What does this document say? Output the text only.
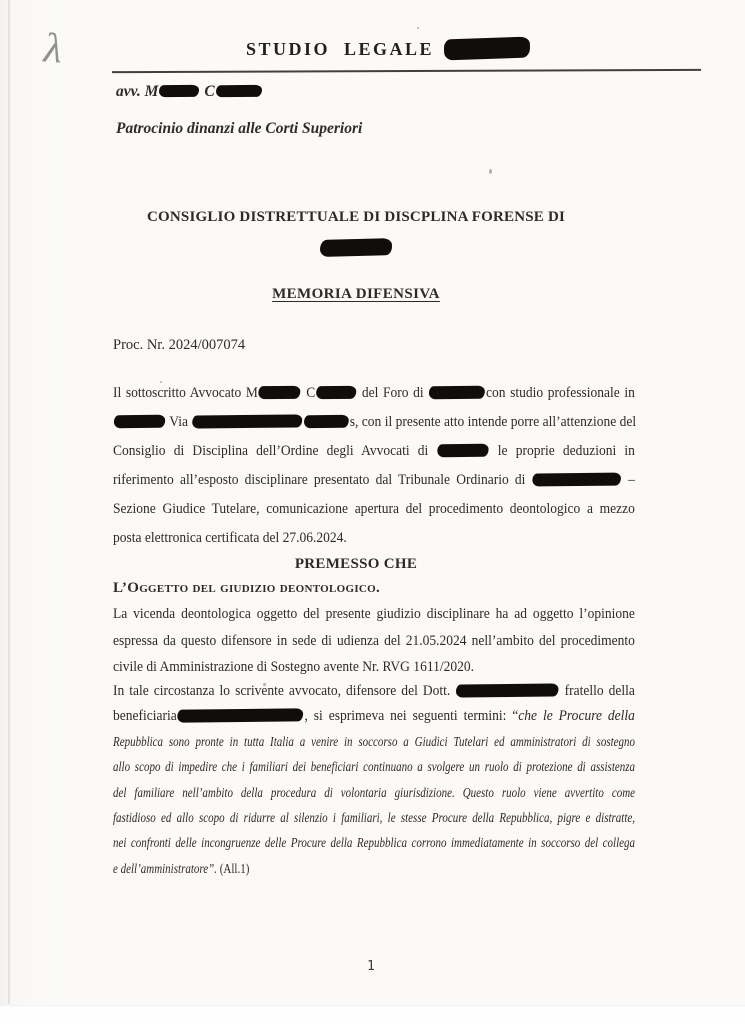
λ	STUDIO LEGALE
avv. M	C
Patrocinio dinanzi alle Corti Superiori
CONSIGLIO DISTRETTUALE DI DISCPLINA FORENSE DI
MEMORIA DIFENSIVA
Proc. Nr. 2024/007074
Il sottoscritto Avvocato M	C	del Foro di	con studio professionale in
Via	s, con il presente atto intende porre all’attenzione del
Consiglio di Disciplina dell’Ordine degli Avvocati di	le proprie deduzioni in
riferimento all’esposto disciplinare presentato dal Tribunale Ordinario di	–
Sezione Giudice Tutelare, comunicazione apertura del procedimento deontologico a mezzo
posta elettronica certificata del 27.06.2024.
PREMESSO CHE
L’Oggetto del giudizio deontologico.
La vicenda deontologica oggetto del presente giudizio disciplinare ha ad oggetto l’opinione
espressa da questo difensore in sede di udienza del 21.05.2024 nell’ambito del procedimento
civile di Amministrazione di Sostegno avente Nr. RVG 1611/2020.
In tale circostanza lo scrivente avvocato, difensore del Dott.	fratello della
beneficiaria	, si esprimeva nei seguenti termini: “che le Procure della
Repubblica sono pronte in tutta Italia a venire in soccorso a Giudici Tutelari ed amministratori di sostegno
allo scopo di impedire che i familiari dei beneficiari continuano a svolgere un ruolo di protezione di assistenza
del familiare nell’ambito della procedura di volontaria giurisdizione. Questo ruolo viene avvertito come
fastidioso ed allo scopo di ridurre al silenzio i familiari, le stesse Procure della Repubblica, pigre e distratte,
nei confronti delle incongruenze delle Procure della Repubblica corrono immediatamente in soccorso del collega
e dell’amministratore”. (All.1)
1
